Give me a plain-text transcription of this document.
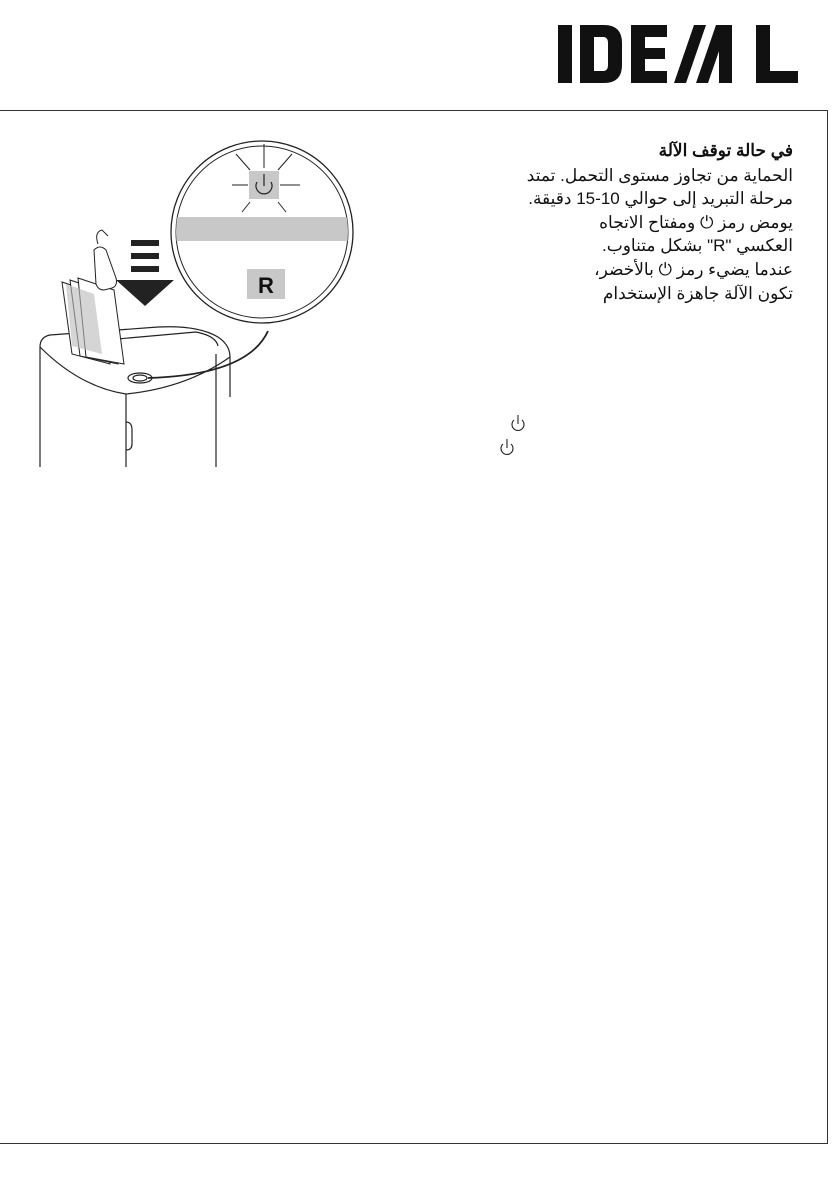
R

في حالة توقف الآلة

الحماية من تجاوز مستوى التحمل. تمتد

مرحلة التبريد إلى حوالي 10-15 دقيقة.

يومض رمز ⏻ ومفتاح الاتجاه

العكسي "R" بشكل متناوب.

عندما يضيء رمز ⏻ بالأخضر،

تكون الآلة جاهزة الإستخدام
